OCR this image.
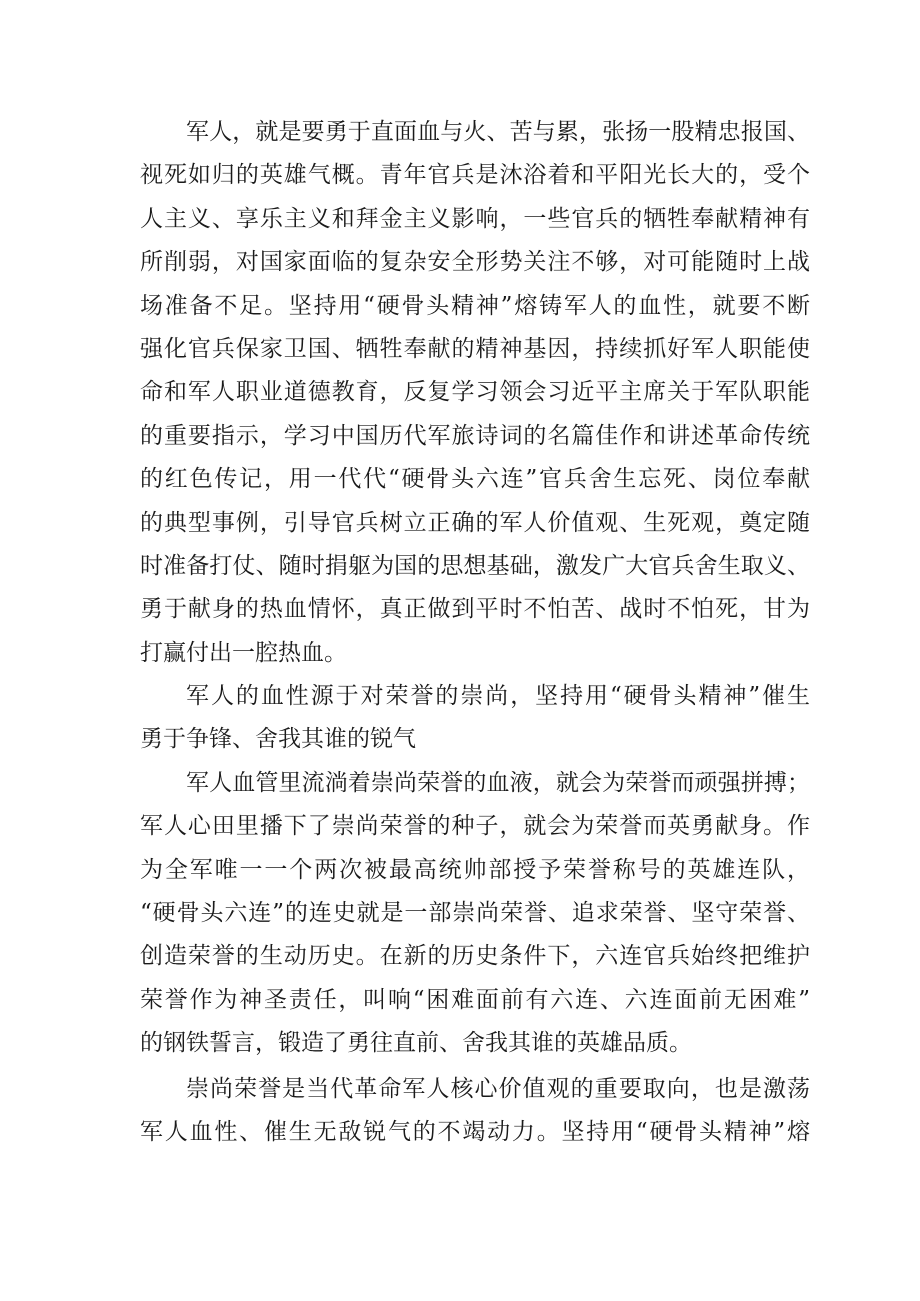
军人，就是要勇于直面血与火、苦与累，张扬一股精忠报国、
视死如归的英雄气概。青年官兵是沐浴着和平阳光长大的，受个
人主义、享乐主义和拜金主义影响，一些官兵的牺牲奉献精神有
所削弱，对国家面临的复杂安全形势关注不够，对可能随时上战
场准备不足。坚持用“硬骨头精神”熔铸军人的血性，就要不断
强化官兵保家卫国、牺牲奉献的精神基因，持续抓好军人职能使
命和军人职业道德教育，反复学习领会习近平主席关于军队职能
的重要指示，学习中国历代军旅诗词的名篇佳作和讲述革命传统
的红色传记，用一代代“硬骨头六连”官兵舍生忘死、岗位奉献
的典型事例，引导官兵树立正确的军人价值观、生死观，奠定随
时准备打仗、随时捐躯为国的思想基础，激发广大官兵舍生取义、
勇于献身的热血情怀，真正做到平时不怕苦、战时不怕死，甘为
打赢付出一腔热血。
军人的血性源于对荣誉的崇尚，坚持用“硬骨头精神”催生
勇于争锋、舍我其谁的锐气
军人血管里流淌着崇尚荣誉的血液，就会为荣誉而顽强拼搏；
军人心田里播下了崇尚荣誉的种子，就会为荣誉而英勇献身。作
为全军唯一一个两次被最高统帅部授予荣誉称号的英雄连队，
“硬骨头六连”的连史就是一部崇尚荣誉、追求荣誉、坚守荣誉、
创造荣誉的生动历史。在新的历史条件下，六连官兵始终把维护
荣誉作为神圣责任，叫响“困难面前有六连、六连面前无困难”
的钢铁誓言，锻造了勇往直前、舍我其谁的英雄品质。
崇尚荣誉是当代革命军人核心价值观的重要取向，也是激荡
军人血性、催生无敌锐气的不竭动力。坚持用“硬骨头精神”熔
